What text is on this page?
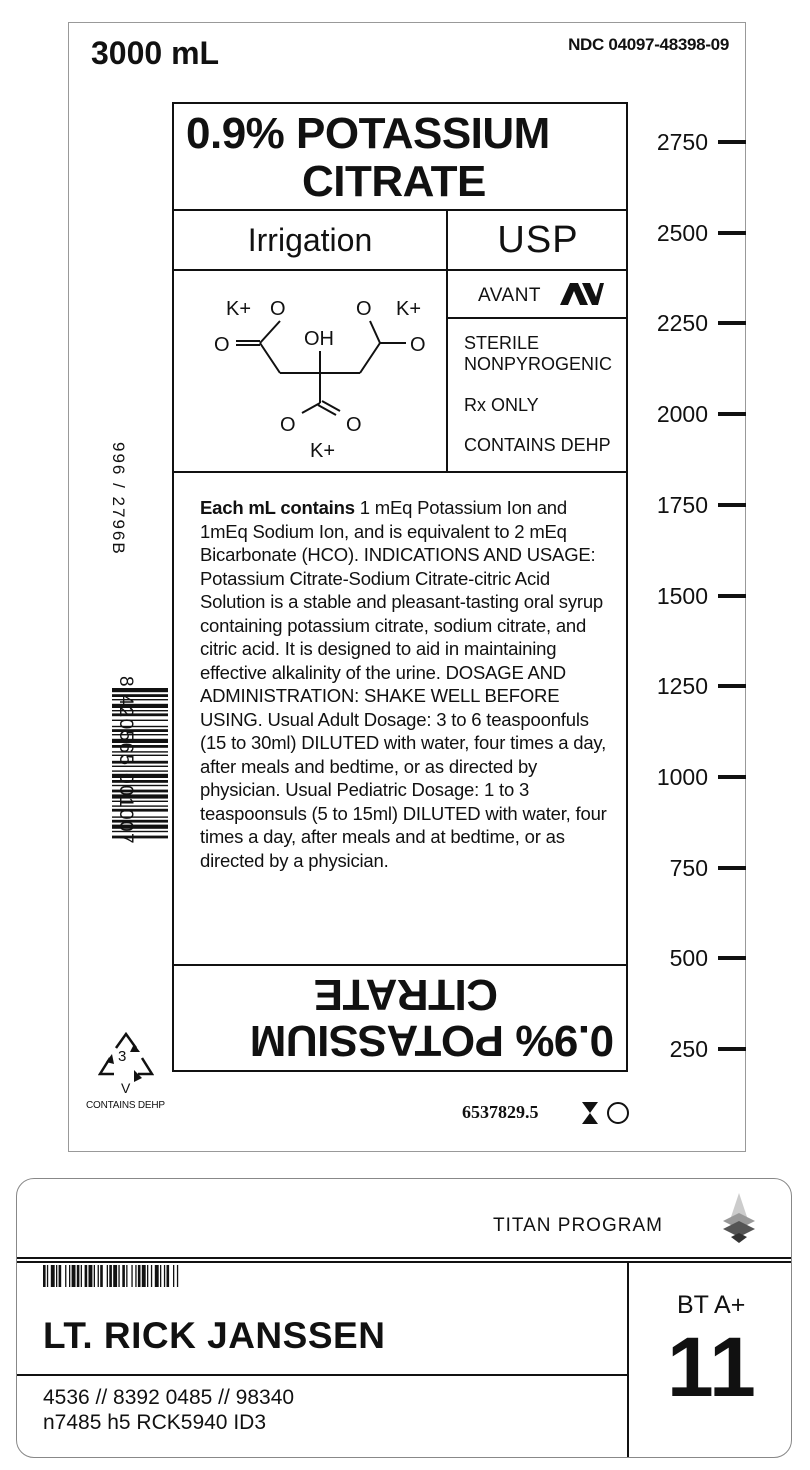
3000 mL	NDC 04097-48398-09
0.9% POTASSIUM
CITRATE
Irrigation	USP
K+ O	O K+
O	OH	O
O	O
K+
AVANT
AV
STERILE NONPYROGENIC
Rx ONLY
CONTAINS DEHP
Each mL contains 1 mEq Potassium Ion and 1mEq Sodium Ion, and is equivalent to 2 mEq Bicarbonate (HCO). INDICATIONS AND USAGE: Potassium Citrate-Sodium Citrate-citric Acid Solution is a stable and pleasant-tasting oral syrup containing potassium citrate, sodium citrate, and citric acid. It is designed to aid in maintaining effective alkalinity of the urine. DOSAGE AND ADMINISTRATION: SHAKE WELL BEFORE USING. Usual Adult Dosage: 3 to 6 teaspoonfuls (15 to 30ml) DILUTED with water, four times a day, after meals and bedtime, or as directed by physician. Usual Pediatric Dosage: 1 to 3 teaspoonsuls (5 to 15ml) DILUTED with water, four times a day, after meals and at bedtime, or as directed by a physician.
0.9% POTASSIUM
CITRATE
996 / 2796B
8 420565 001007
3
V
CONTAINS DEHP	6537829.5
2750
2500
2250
2000
1750
1500
1250
1000
750
500
250
TITAN PROGRAM
LT. RICK JANSSEN
4536 // 8392 0485 // 98340
n7485 h5 RCK5940 ID3
BT A+
11
